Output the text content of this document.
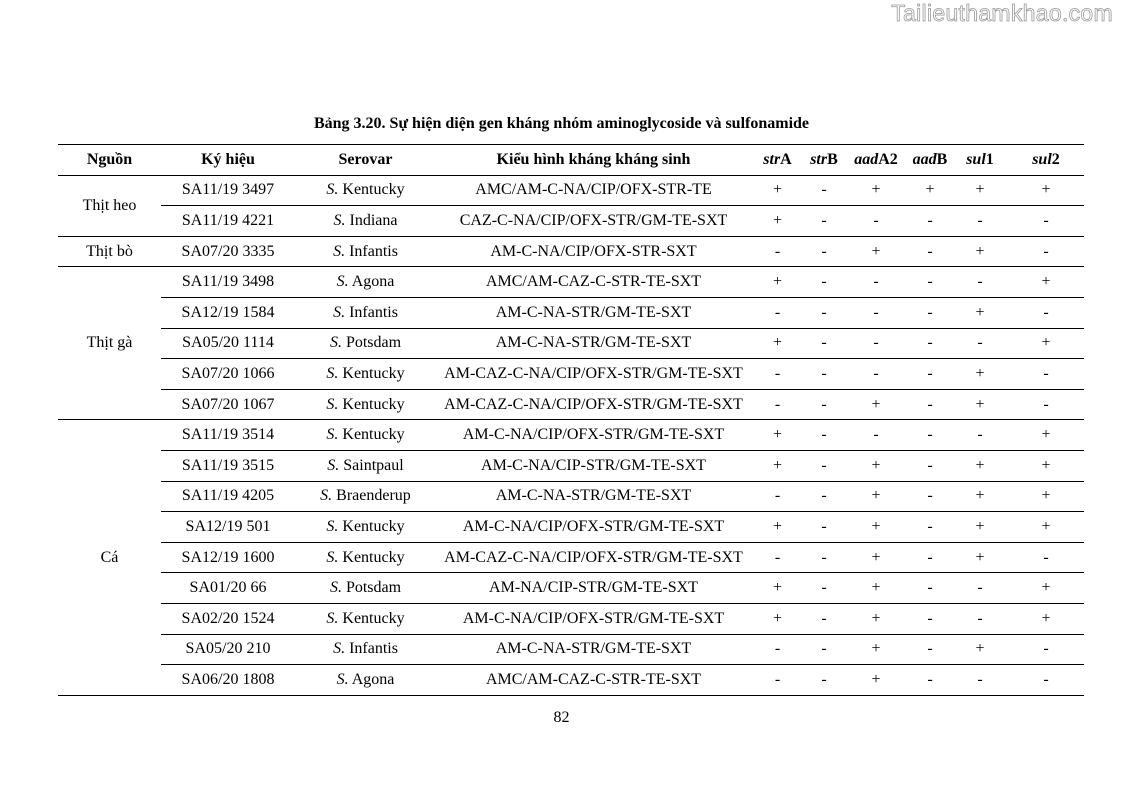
Tailieuthamkhao.com
Bảng 3.20. Sự hiện diện gen kháng nhóm aminoglycoside và sulfonamide
Nguồn	Ký hiệu	Serovar	Kiểu hình kháng kháng sinh	strA	strB	aadA2	aadB	sul1	sul2
Thịt heo	SA11/19 3497	S. Kentucky	AMC/AM-C-NA/CIP/OFX-STR-TE	+	-	+	+	+	+
	SA11/19 4221	S. Indiana	CAZ-C-NA/CIP/OFX-STR/GM-TE-SXT	+	-	-	-	-	-
Thịt bò	SA07/20 3335	S. Infantis	AM-C-NA/CIP/OFX-STR-SXT	-	-	+	-	+	-
Thịt gà	SA11/19 3498	S. Agona	AMC/AM-CAZ-C-STR-TE-SXT	+	-	-	-	-	+
	SA12/19 1584	S. Infantis	AM-C-NA-STR/GM-TE-SXT	-	-	-	-	+	-
	SA05/20 1114	S. Potsdam	AM-C-NA-STR/GM-TE-SXT	+	-	-	-	-	+
	SA07/20 1066	S. Kentucky	AM-CAZ-C-NA/CIP/OFX-STR/GM-TE-SXT	-	-	-	-	+	-
	SA07/20 1067	S. Kentucky	AM-CAZ-C-NA/CIP/OFX-STR/GM-TE-SXT	-	-	+	-	+	-
Cá	SA11/19 3514	S. Kentucky	AM-C-NA/CIP/OFX-STR/GM-TE-SXT	+	-	-	-	-	+
	SA11/19 3515	S. Saintpaul	AM-C-NA/CIP-STR/GM-TE-SXT	+	-	+	-	+	+
	SA11/19 4205	S. Braenderup	AM-C-NA-STR/GM-TE-SXT	-	-	+	-	+	+
	SA12/19 501	S. Kentucky	AM-C-NA/CIP/OFX-STR/GM-TE-SXT	+	-	+	-	+	+
	SA12/19 1600	S. Kentucky	AM-CAZ-C-NA/CIP/OFX-STR/GM-TE-SXT	-	-	+	-	+	-
	SA01/20 66	S. Potsdam	AM-NA/CIP-STR/GM-TE-SXT	+	-	+	-	-	+
	SA02/20 1524	S. Kentucky	AM-C-NA/CIP/OFX-STR/GM-TE-SXT	+	-	+	-	-	+
	SA05/20 210	S. Infantis	AM-C-NA-STR/GM-TE-SXT	-	-	+	-	+	-
	SA06/20 1808	S. Agona	AMC/AM-CAZ-C-STR-TE-SXT	-	-	+	-	-	-
82
